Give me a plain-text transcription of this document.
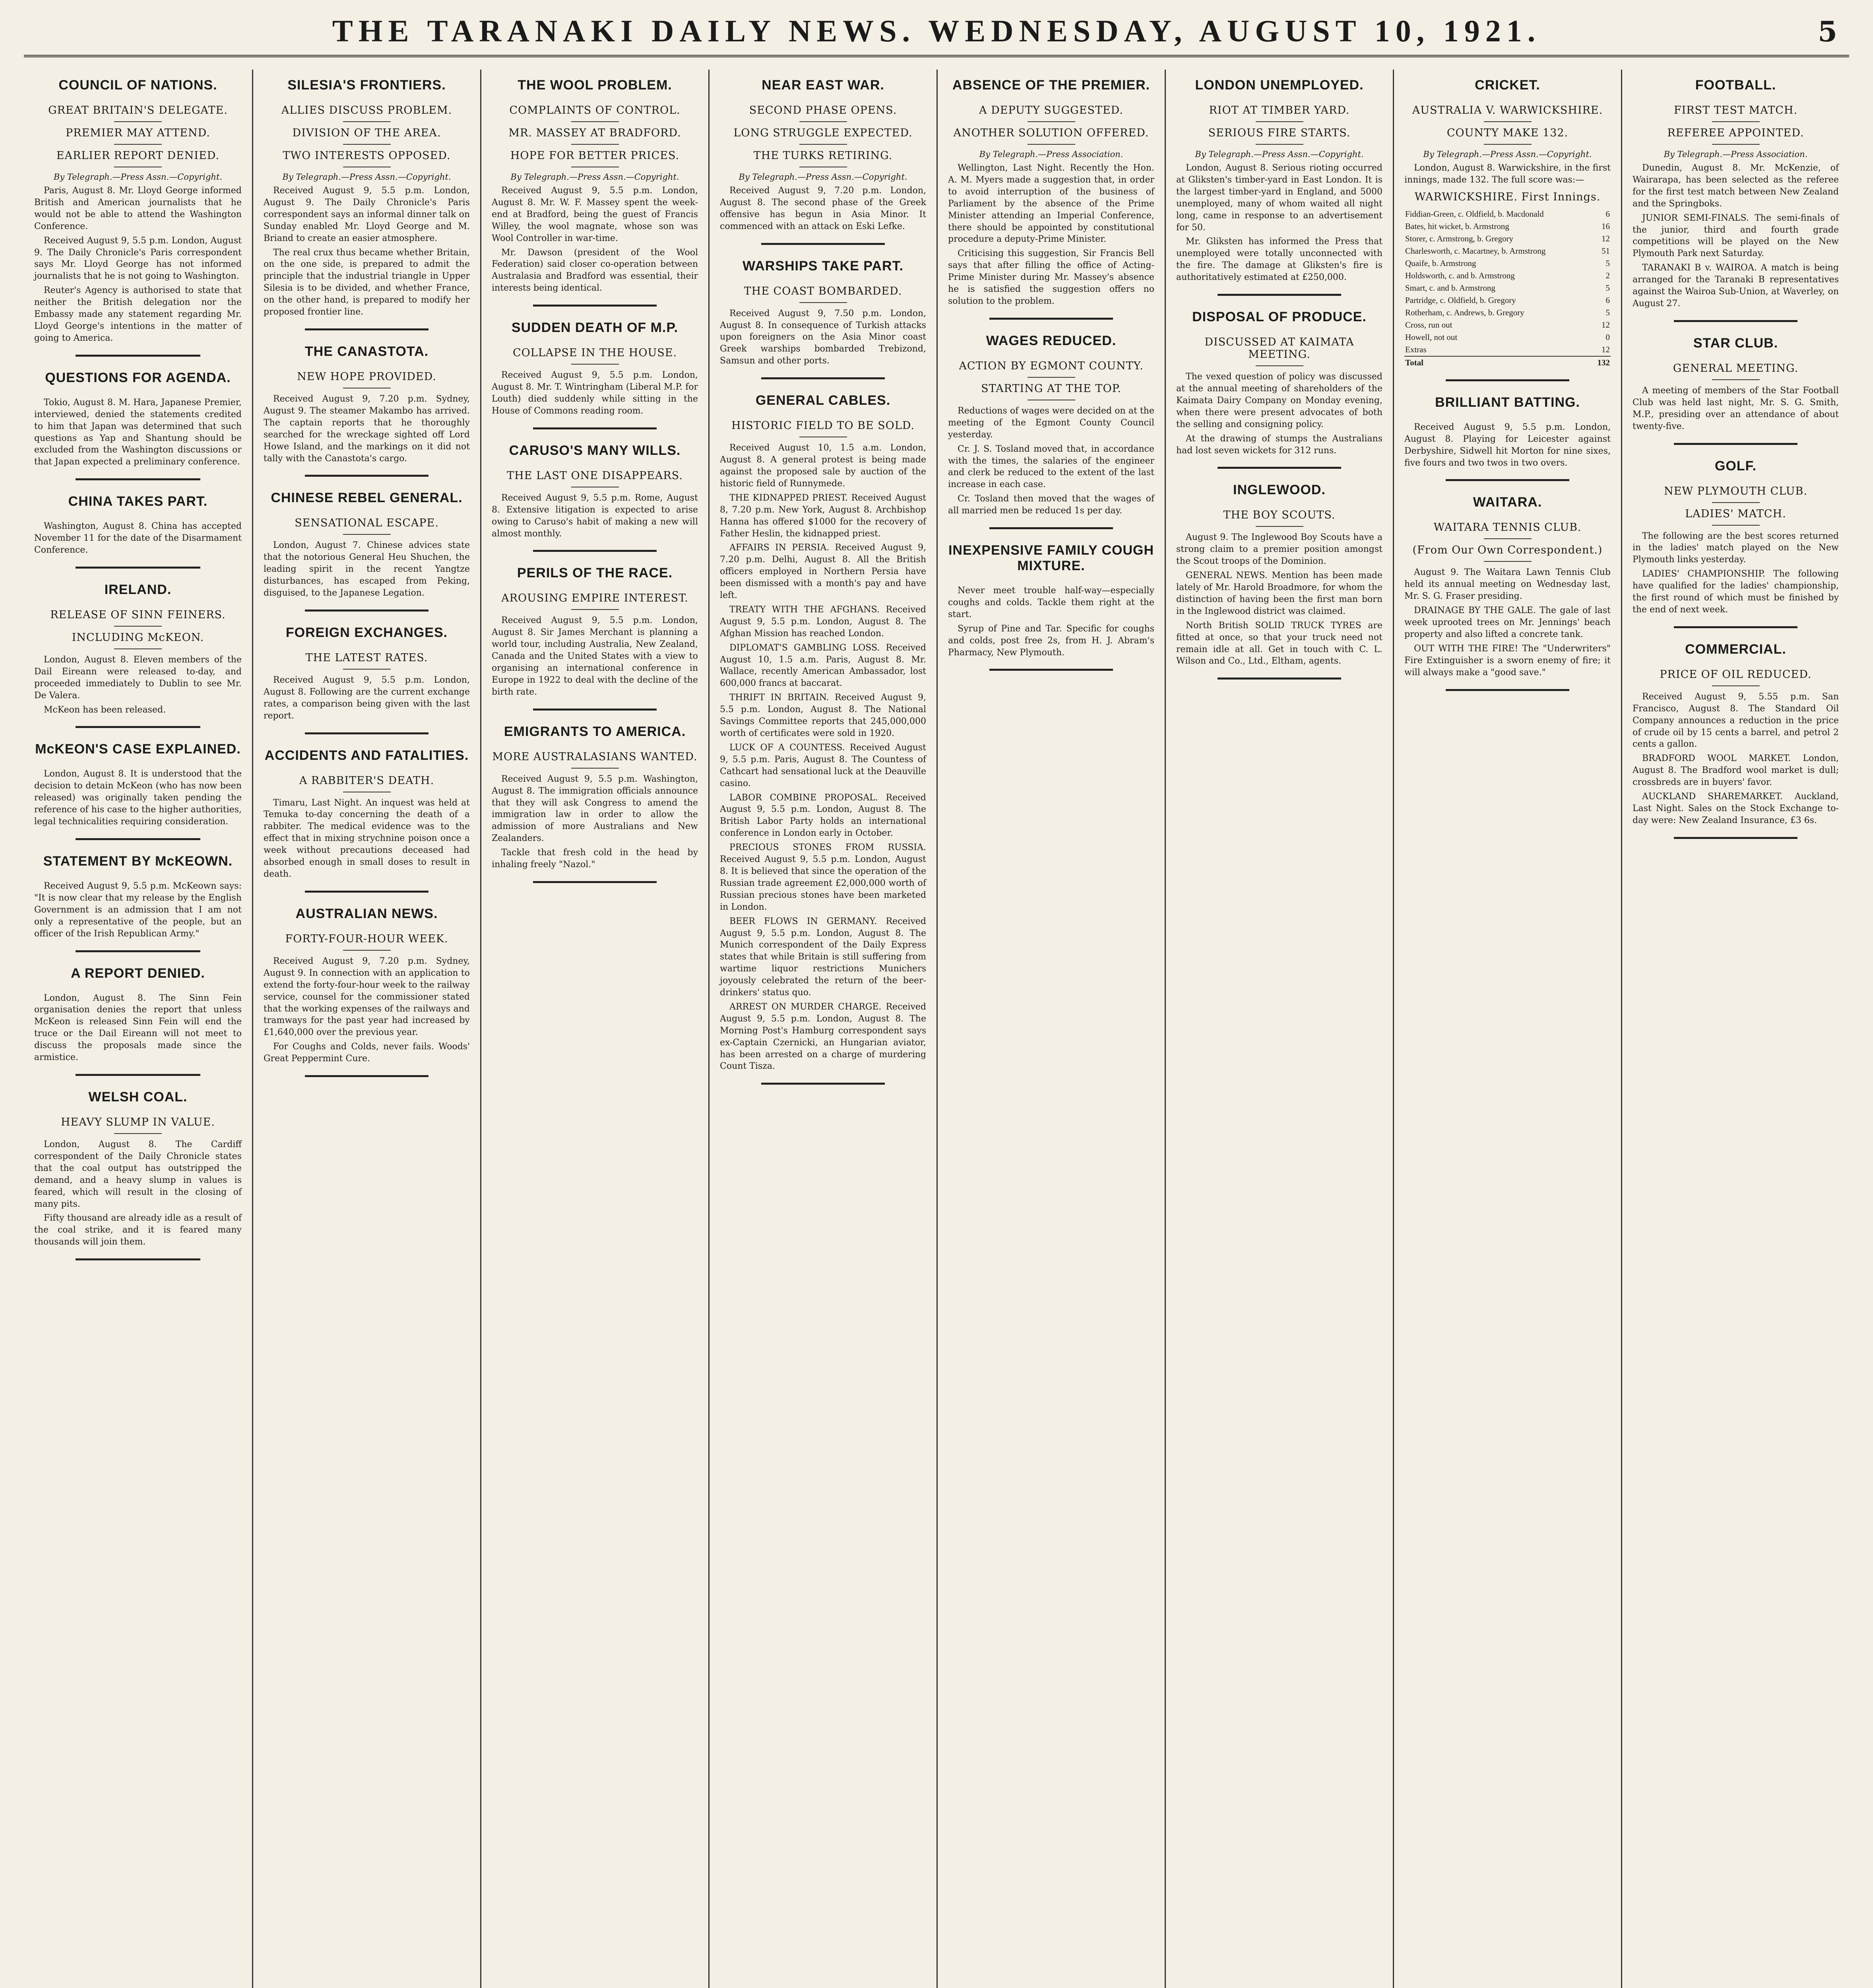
THE TARANAKI DAILY NEWS. WEDNESDAY, AUGUST 10, 1921.	5
COUNCIL OF NATIONS.
GREAT BRITAIN'S DELEGATE.
PREMIER MAY ATTEND.
EARLIER REPORT DENIED.
By Telegraph.—Press Assn.—Copyright.

Paris, August 8. Mr. Lloyd George informed British and American journalists that he would not be able to attend the Washington Conference.

Received August 9, 5.5 p.m. London, August 9. The Daily Chronicle's Paris correspondent says Mr. Lloyd George has not informed journalists that he is not going to Washington.

Reuter's Agency is authorised to state that neither the British delegation nor the Embassy made any statement regarding Mr. Lloyd George's intentions in the matter of going to America.

QUESTIONS FOR AGENDA.

Tokio, August 8. M. Hara, Japanese Premier, interviewed, denied the statements credited to him that Japan was determined that such questions as Yap and Shantung should be excluded from the Washington discussions or that Japan expected a preliminary conference.

CHINA TAKES PART.

Washington, August 8. China has accepted November 11 for the date of the Disarmament Conference.

IRELAND.
RELEASE OF SINN FEINERS.
INCLUDING McKEON.

London, August 8. Eleven members of the Dail Eireann were released to-day, and proceeded immediately to Dublin to see Mr. De Valera.

McKeon has been released.

McKEON'S CASE EXPLAINED.

London, August 8. It is understood that the decision to detain McKeon (who has now been released) was originally taken pending the reference of his case to the higher authorities, legal technicalities requiring consideration.

STATEMENT BY McKEOWN.

Received August 9, 5.5 p.m. McKeown says: "It is now clear that my release by the English Government is an admission that I am not only a representative of the people, but an officer of the Irish Republican Army."

A REPORT DENIED.

London, August 8. The Sinn Fein organisation denies the report that unless McKeon is released Sinn Fein will end the truce or the Dail Eireann will not meet to discuss the proposals made since the armistice.

WELSH COAL.
HEAVY SLUMP IN VALUE.

London, August 8. The Cardiff correspondent of the Daily Chronicle states that the coal output has outstripped the demand, and a heavy slump in values is feared, which will result in the closing of many pits.

Fifty thousand are already idle as a result of the coal strike, and it is feared many thousands will join them.

SILESIA'S FRONTIERS.
ALLIES DISCUSS PROBLEM.
DIVISION OF THE AREA.
TWO INTERESTS OPPOSED.
By Telegraph.—Press Assn.—Copyright.

Received August 9, 5.5 p.m. London, August 9. The Daily Chronicle's Paris correspondent says an informal dinner talk on Sunday enabled Mr. Lloyd George and M. Briand to create an easier atmosphere.

The real crux thus became whether Britain, on the one side, is prepared to admit the principle that the industrial triangle in Upper Silesia is to be divided, and whether France, on the other hand, is prepared to modify her proposed frontier line.

THE CANASTOTA.
NEW HOPE PROVIDED.

Received August 9, 7.20 p.m. Sydney, August 9. The steamer Makambo has arrived. The captain reports that he thoroughly searched for the wreckage sighted off Lord Howe Island, and the markings on it did not tally with the Canastota's cargo.

CHINESE REBEL GENERAL.
SENSATIONAL ESCAPE.

London, August 7. Chinese advices state that the notorious General Heu Shuchen, the leading spirit in the recent Yangtze disturbances, has escaped from Peking, disguised, to the Japanese Legation.

FOREIGN EXCHANGES.
THE LATEST RATES.

Received August 9, 5.5 p.m. London, August 8. Following are the current exchange rates, a comparison being given with the last report.

ACCIDENTS AND FATALITIES.
A RABBITER'S DEATH.

Timaru, Last Night. An inquest was held at Temuka to-day concerning the death of a rabbiter. The medical evidence was to the effect that in mixing strychnine poison once a week without precautions deceased had absorbed enough in small doses to result in death.

AUSTRALIAN NEWS.
FORTY-FOUR-HOUR WEEK.

Received August 9, 7.20 p.m. Sydney, August 9. In connection with an application to extend the forty-four-hour week to the railway service, counsel for the commissioner stated that the working expenses of the railways and tramways for the past year had increased by £1,640,000 over the previous year.

For Coughs and Colds, never fails. Woods' Great Peppermint Cure.

THE WOOL PROBLEM.
COMPLAINTS OF CONTROL.
MR. MASSEY AT BRADFORD.
HOPE FOR BETTER PRICES.
By Telegraph.—Press Assn.—Copyright.

Received August 9, 5.5 p.m. London, August 8. Mr. W. F. Massey spent the week-end at Bradford, being the guest of Francis Willey, the wool magnate, whose son was Wool Controller in war-time.

Mr. Dawson (president of the Wool Federation) said closer co-operation between Australasia and Bradford was essential, their interests being identical.

SUDDEN DEATH OF M.P.
COLLAPSE IN THE HOUSE.

Received August 9, 5.5 p.m. London, August 8. Mr. T. Wintringham (Liberal M.P. for Louth) died suddenly while sitting in the House of Commons reading room.

CARUSO'S MANY WILLS.
THE LAST ONE DISAPPEARS.

Received August 9, 5.5 p.m. Rome, August 8. Extensive litigation is expected to arise owing to Caruso's habit of making a new will almost monthly.

PERILS OF THE RACE.
AROUSING EMPIRE INTEREST.

Received August 9, 5.5 p.m. London, August 8. Sir James Merchant is planning a world tour, including Australia, New Zealand, Canada and the United States with a view to organising an international conference in Europe in 1922 to deal with the decline of the birth rate.

EMIGRANTS TO AMERICA.
MORE AUSTRALASIANS WANTED.

Received August 9, 5.5 p.m. Washington, August 8. The immigration officials announce that they will ask Congress to amend the immigration law in order to allow the admission of more Australians and New Zealanders.

Tackle that fresh cold in the head by inhaling freely "Nazol."

NEAR EAST WAR.
SECOND PHASE OPENS.
LONG STRUGGLE EXPECTED.
THE TURKS RETIRING.
By Telegraph.—Press Assn.—Copyright.

Received August 9, 7.20 p.m. London, August 8. The second phase of the Greek offensive has begun in Asia Minor. It commenced with an attack on Eski Lefke.

WARSHIPS TAKE PART.
THE COAST BOMBARDED.

Received August 9, 7.50 p.m. London, August 8. In consequence of Turkish attacks upon foreigners on the Asia Minor coast Greek warships bombarded Trebizond, Samsun and other ports.

GENERAL CABLES.
HISTORIC FIELD TO BE SOLD.

Received August 10, 1.5 a.m. London, August 8. A general protest is being made against the proposed sale by auction of the historic field of Runnymede.

THE KIDNAPPED PRIEST. Received August 8, 7.20 p.m. New York, August 8. Archbishop Hanna has offered $1000 for the recovery of Father Heslin, the kidnapped priest.

AFFAIRS IN PERSIA. Received August 9, 7.20 p.m. Delhi, August 8. All the British officers employed in Northern Persia have been dismissed with a month's pay and have left.

TREATY WITH THE AFGHANS. Received August 9, 5.5 p.m. London, August 8. The Afghan Mission has reached London.

DIPLOMAT'S GAMBLING LOSS. Received August 10, 1.5 a.m. Paris, August 8. Mr. Wallace, recently American Ambassador, lost 600,000 francs at baccarat.

THRIFT IN BRITAIN. Received August 9, 5.5 p.m. London, August 8. The National Savings Committee reports that 245,000,000 worth of certificates were sold in 1920.

LUCK OF A COUNTESS. Received August 9, 5.5 p.m. Paris, August 8. The Countess of Cathcart had sensational luck at the Deauville casino.

LABOR COMBINE PROPOSAL. Received August 9, 5.5 p.m. London, August 8. The British Labor Party holds an international conference in London early in October.

PRECIOUS STONES FROM RUSSIA. Received August 9, 5.5 p.m. London, August 8. It is believed that since the operation of the Russian trade agreement £2,000,000 worth of Russian precious stones have been marketed in London.

BEER FLOWS IN GERMANY. Received August 9, 5.5 p.m. London, August 8. The Munich correspondent of the Daily Express states that while Britain is still suffering from wartime liquor restrictions Munichers joyously celebrated the return of the beer-drinkers' status quo.

ARREST ON MURDER CHARGE. Received August 9, 5.5 p.m. London, August 8. The Morning Post's Hamburg correspondent says ex-Captain Czernicki, an Hungarian aviator, has been arrested on a charge of murdering Count Tisza.

ABSENCE OF THE PREMIER.
A DEPUTY SUGGESTED.
ANOTHER SOLUTION OFFERED.
By Telegraph.—Press Association.

Wellington, Last Night. Recently the Hon. A. M. Myers made a suggestion that, in order to avoid interruption of the business of Parliament by the absence of the Prime Minister attending an Imperial Conference, there should be appointed by constitutional procedure a deputy-Prime Minister.

Criticising this suggestion, Sir Francis Bell says that after filling the office of Acting-Prime Minister during Mr. Massey's absence he is satisfied the suggestion offers no solution to the problem.

WAGES REDUCED.
ACTION BY EGMONT COUNTY.
STARTING AT THE TOP.

Reductions of wages were decided on at the meeting of the Egmont County Council yesterday.

Cr. J. S. Tosland moved that, in accordance with the times, the salaries of the engineer and clerk be reduced to the extent of the last increase in each case.

Cr. Tosland then moved that the wages of all married men be reduced 1s per day.

INEXPENSIVE FAMILY COUGH MIXTURE.

Never meet trouble half-way—especially coughs and colds. Tackle them right at the start.

Syrup of Pine and Tar. Specific for coughs and colds, post free 2s, from H. J. Abram's Pharmacy, New Plymouth.

LONDON UNEMPLOYED.
RIOT AT TIMBER YARD.
SERIOUS FIRE STARTS.
By Telegraph.—Press Assn.—Copyright.

London, August 8. Serious rioting occurred at Gliksten's timber-yard in East London. It is the largest timber-yard in England, and 5000 unemployed, many of whom waited all night long, came in response to an advertisement for 50.

Mr. Gliksten has informed the Press that unemployed were totally unconnected with the fire. The damage at Gliksten's fire is authoritatively estimated at £250,000.

DISPOSAL OF PRODUCE.
DISCUSSED AT KAIMATA MEETING.

The vexed question of policy was discussed at the annual meeting of shareholders of the Kaimata Dairy Company on Monday evening, when there were present advocates of both the selling and consigning policy.

At the drawing of stumps the Australians had lost seven wickets for 312 runs.

INGLEWOOD.
THE BOY SCOUTS.

August 9. The Inglewood Boy Scouts have a strong claim to a premier position amongst the Scout troops of the Dominion.

GENERAL NEWS. Mention has been made lately of Mr. Harold Broadmore, for whom the distinction of having been the first man born in the Inglewood district was claimed.

North British SOLID TRUCK TYRES are fitted at once, so that your truck need not remain idle at all. Get in touch with C. L. Wilson and Co., Ltd., Eltham, agents.

CRICKET.
AUSTRALIA V. WARWICKSHIRE.
COUNTY MAKE 132.
By Telegraph.—Press Assn.—Copyright.

London, August 8. Warwickshire, in the first innings, made 132. The full score was:—

WARWICKSHIRE. First Innings.
Fiddian-Green, c. Oldfield, b. Macdonald	6
Bates, hit wicket, b. Armstrong	16
Storer, c. Armstrong, b. Gregory	12
Charlesworth, c. Macartney, b. Armstrong	51
Quaife, b. Armstrong	5
Holdsworth, c. and b. Armstrong	2
Smart, c. and b. Armstrong	5
Partridge, c. Oldfield, b. Gregory	6
Rotherham, c. Andrews, b. Gregory	5
Cross, run out	12
Howell, not out	0
Extras	12
Total	132
BRILLIANT BATTING.

Received August 9, 5.5 p.m. London, August 8. Playing for Leicester against Derbyshire, Sidwell hit Morton for nine sixes, five fours and two twos in two overs.

WAITARA.
WAITARA TENNIS CLUB.
(From Our Own Correspondent.)

August 9. The Waitara Lawn Tennis Club held its annual meeting on Wednesday last, Mr. S. G. Fraser presiding.

DRAINAGE BY THE GALE. The gale of last week uprooted trees on Mr. Jennings' beach property and also lifted a concrete tank.

OUT WITH THE FIRE! The "Underwriters" Fire Extinguisher is a sworn enemy of fire; it will always make a "good save."

FOOTBALL.
FIRST TEST MATCH.
REFEREE APPOINTED.
By Telegraph.—Press Association.

Dunedin, August 8. Mr. McKenzie, of Wairarapa, has been selected as the referee for the first test match between New Zealand and the Springboks.

JUNIOR SEMI-FINALS. The semi-finals of the junior, third and fourth grade competitions will be played on the New Plymouth Park next Saturday.

TARANAKI B v. WAIROA. A match is being arranged for the Taranaki B representatives against the Wairoa Sub-Union, at Waverley, on August 27.

STAR CLUB.
GENERAL MEETING.

A meeting of members of the Star Football Club was held last night, Mr. S. G. Smith, M.P., presiding over an attendance of about twenty-five.

GOLF.
NEW PLYMOUTH CLUB.
LADIES' MATCH.

The following are the best scores returned in the ladies' match played on the New Plymouth links yesterday.

LADIES' CHAMPIONSHIP. The following have qualified for the ladies' championship, the first round of which must be finished by the end of next week.

COMMERCIAL.
PRICE OF OIL REDUCED.

Received August 9, 5.55 p.m. San Francisco, August 8. The Standard Oil Company announces a reduction in the price of crude oil by 15 cents a barrel, and petrol 2 cents a gallon.

BRADFORD WOOL MARKET. London, August 8. The Bradford wool market is dull; crossbreds are in buyers' favor.

AUCKLAND SHAREMARKET. Auckland, Last Night. Sales on the Stock Exchange to-day were: New Zealand Insurance, £3 6s.
